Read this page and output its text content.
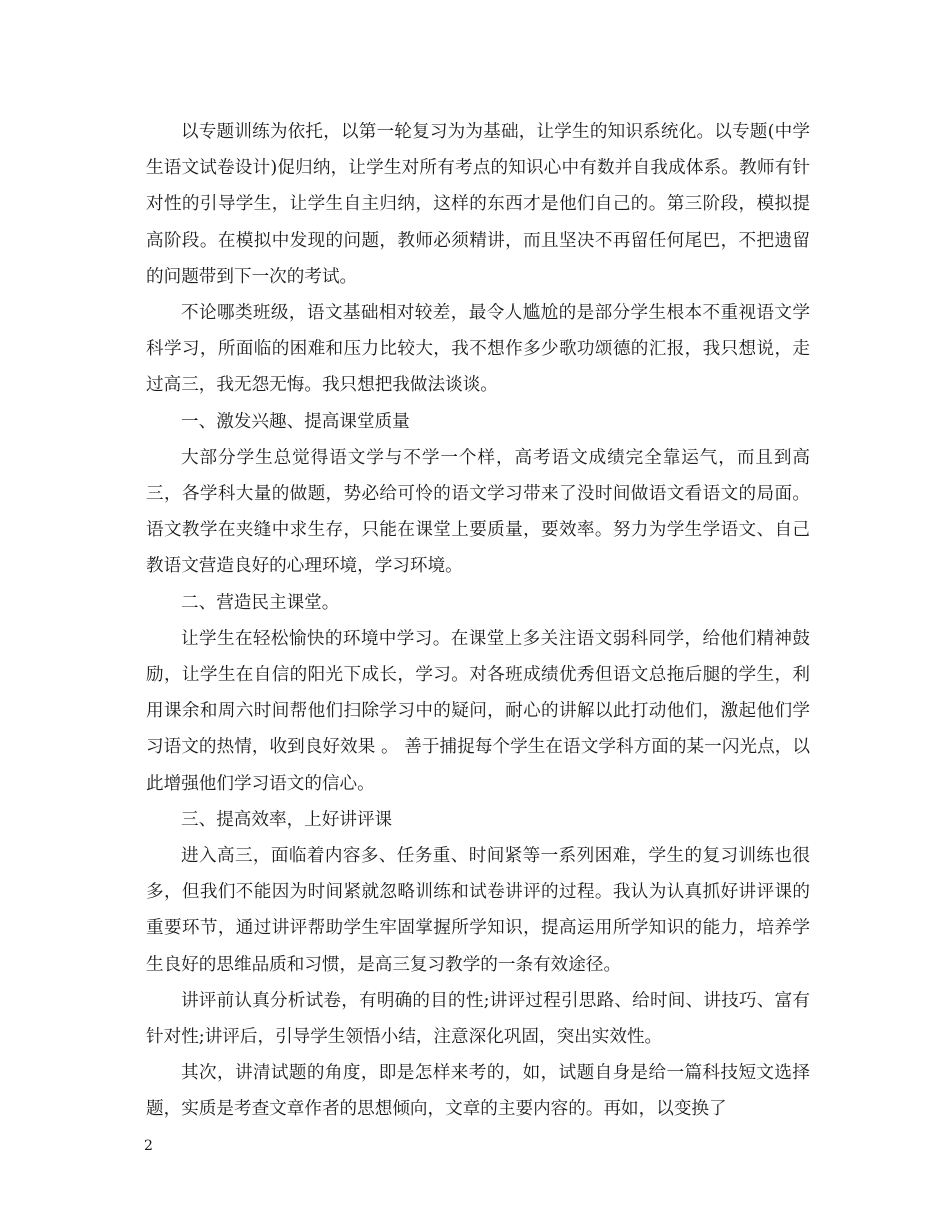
以专题训练为依托，以第一轮复习为为基础，让学生的知识系统化。以专题(中学生语文试卷设计)促归纳，让学生对所有考点的知识心中有数并自我成体系。教师有针对性的引导学生，让学生自主归纳，这样的东西才是他们自己的。第三阶段，模拟提高阶段。在模拟中发现的问题，教师必须精讲，而且坚决不再留任何尾巴，不把遗留的问题带到下一次的考试。

不论哪类班级，语文基础相对较差，最令人尴尬的是部分学生根本不重视语文学科学习，所面临的困难和压力比较大，我不想作多少歌功颂德的汇报，我只想说，走过高三，我无怨无悔。我只想把我做法谈谈。

一、激发兴趣、提高课堂质量

大部分学生总觉得语文学与不学一个样，高考语文成绩完全靠运气，而且到高三，各学科大量的做题，势必给可怜的语文学习带来了没时间做语文看语文的局面。语文教学在夹缝中求生存，只能在课堂上要质量，要效率。努力为学生学语文、自己教语文营造良好的心理环境，学习环境。

二、营造民主课堂。

让学生在轻松愉快的环境中学习。在课堂上多关注语文弱科同学，给他们精神鼓励，让学生在自信的阳光下成长，学习。对各班成绩优秀但语文总拖后腿的学生，利用课余和周六时间帮他们扫除学习中的疑问，耐心的讲解以此打动他们，激起他们学习语文的热情，收到良好效果 。 善于捕捉每个学生在语文学科方面的某一闪光点，以此增强他们学习语文的信心。

三、提高效率，上好讲评课

进入高三，面临着内容多、任务重、时间紧等一系列困难，学生的复习训练也很多，但我们不能因为时间紧就忽略训练和试卷讲评的过程。我认为认真抓好讲评课的重要环节，通过讲评帮助学生牢固掌握所学知识，提高运用所学知识的能力，培养学生良好的思维品质和习惯，是高三复习教学的一条有效途径。

讲评前认真分析试卷，有明确的目的性;讲评过程引思路、给时间、讲技巧、富有针对性;讲评后，引导学生领悟小结，注意深化巩固，突出实效性。

其次，讲清试题的角度，即是怎样来考的，如，试题自身是给一篇科技短文选择题，实质是考查文章作者的思想倾向，文章的主要内容的。再如，以变换了

2
